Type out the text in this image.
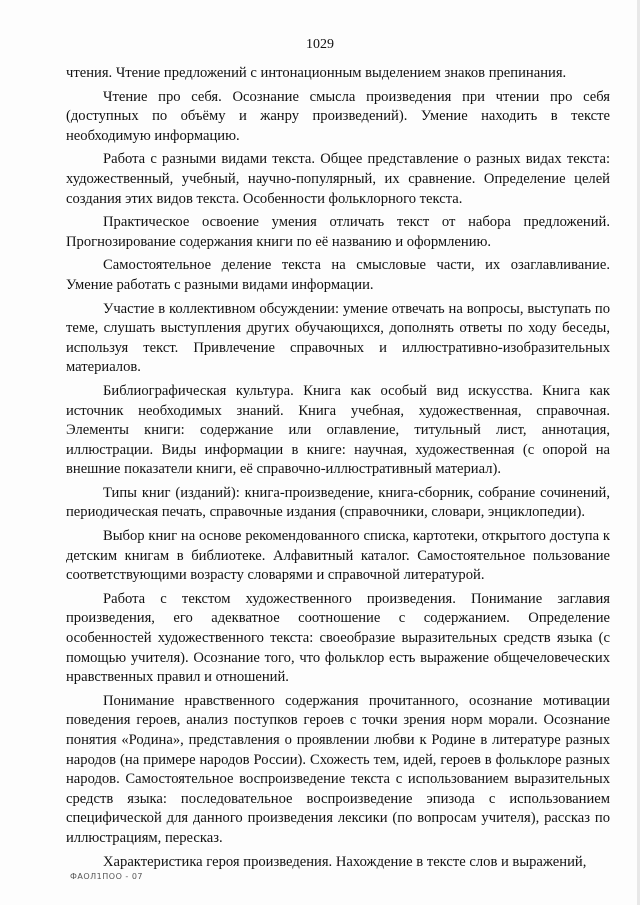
1029

чтения. Чтение предложений с интонационным выделением знаков препинания.

Чтение про себя. Осознание смысла произведения при чтении про себя (доступных по объёму и жанру произведений). Умение находить в тексте необходимую информацию.

Работа с разными видами текста. Общее представление о разных видах текста: художественный, учебный, научно-популярный, их сравнение. Определение целей создания этих видов текста. Особенности фольклорного текста.

Практическое освоение умения отличать текст от набора предложений. Прогнозирование содержания книги по её названию и оформлению.

Самостоятельное деление текста на смысловые части, их озаглавливание. Умение работать с разными видами информации.

Участие в коллективном обсуждении: умение отвечать на вопросы, выступать по теме, слушать выступления других обучающихся, дополнять ответы по ходу беседы, используя текст. Привлечение справочных и иллюстративно-изобразительных материалов.

Библиографическая культура. Книга как особый вид искусства. Книга как источник необходимых знаний. Книга учебная, художественная, справочная. Элементы книги: содержание или оглавление, титульный лист, аннотация, иллюстрации. Виды информации в книге: научная, художественная (с опорой на внешние показатели книги, её справочно-иллюстративный материал).

Типы книг (изданий): книга-произведение, книга-сборник, собрание сочинений, периодическая печать, справочные издания (справочники, словари, энциклопедии).

Выбор книг на основе рекомендованного списка, картотеки, открытого доступа к детским книгам в библиотеке. Алфавитный каталог. Самостоятельное пользование соответствующими возрасту словарями и справочной литературой.

Работа с текстом художественного произведения. Понимание заглавия произведения, его адекватное соотношение с содержанием. Определение особенностей художественного текста: своеобразие выразительных средств языка (с помощью учителя). Осознание того, что фольклор есть выражение общечеловеческих нравственных правил и отношений.

Понимание нравственного содержания прочитанного, осознание мотивации поведения героев, анализ поступков героев с точки зрения норм морали. Осознание понятия «Родина», представления о проявлении любви к Родине в литературе разных народов (на примере народов России). Схожесть тем, идей, героев в фольклоре разных народов. Самостоятельное воспроизведение текста с использованием выразительных средств языка: последовательное воспроизведение эпизода с использованием специфической для данного произведения лексики (по вопросам учителя), рассказ по иллюстрациям, пересказ.

Характеристика героя произведения. Нахождение в тексте слов и выражений,

ФАОЛ1ПОО - 07
